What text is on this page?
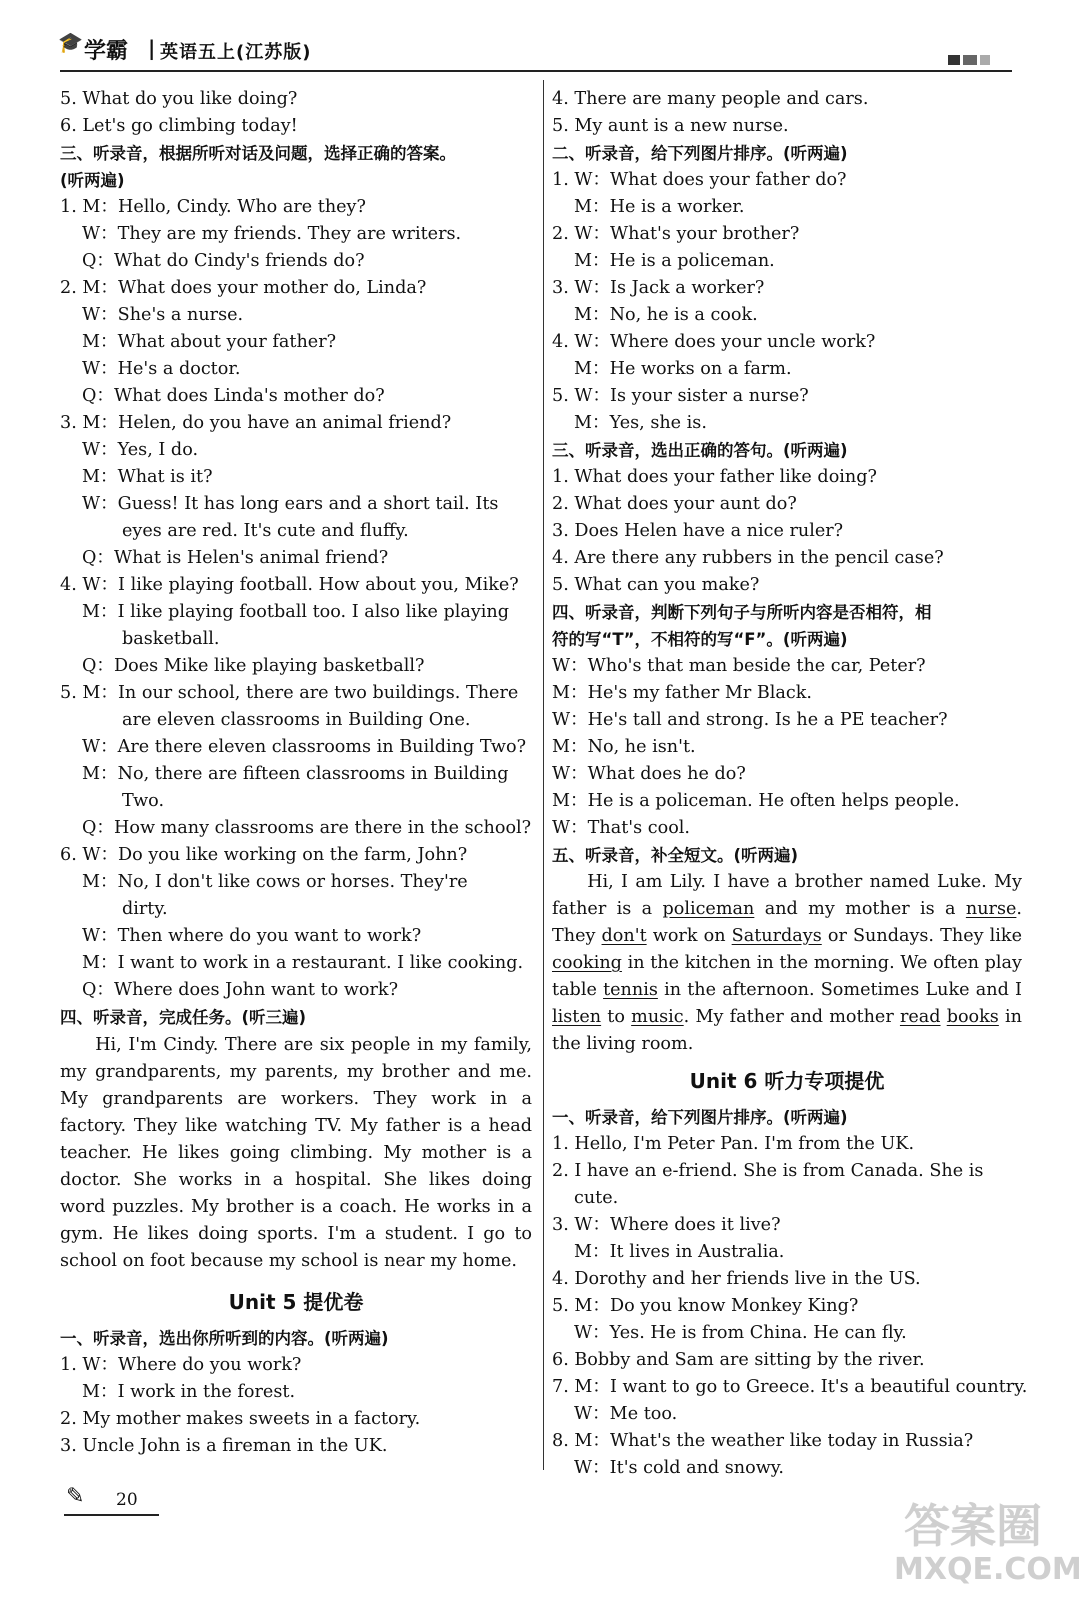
🎓 学霸 | 英语五上(江苏版)
5. What do you like doing?
6. Let's go climbing today!
三、听录音，根据所听对话及问题，选择正确的答案。
(听两遍)
1. M：Hello, Cindy. Who are they?
W：They are my friends. They are writers.
Q：What do Cindy's friends do?
2. M：What does your mother do, Linda?
W：She's a nurse.
M：What about your father?
W：He's a doctor.
Q：What does Linda's mother do?
3. M：Helen, do you have an animal friend?
W：Yes, I do.
M：What is it?
W：Guess! It has long ears and a short tail. Its
eyes are red. It's cute and fluffy.
Q：What is Helen's animal friend?
4. W：I like playing football. How about you, Mike?
M：I like playing football too. I also like playing
basketball.
Q：Does Mike like playing basketball?
5. M：In our school, there are two buildings. There
are eleven classrooms in Building One.
W：Are there eleven classrooms in Building Two?
M：No, there are fifteen classrooms in Building
Two.
Q：How many classrooms are there in the school?
6. W：Do you like working on the farm, John?
M：No, I don't like cows or horses. They're
dirty.
W：Then where do you want to work?
M：I want to work in a restaurant. I like cooking.
Q：Where does John want to work?
四、听录音，完成任务。(听三遍)
Hi, I'm Cindy. There are six people in my family, my grandparents, my parents, my brother and me. My grandparents are workers. They work in a factory. They like watching TV. My father is a head teacher. He likes going climbing. My mother is a doctor. She works in a hospital. She likes doing word puzzles. My brother is a coach. He works in a gym. He likes doing sports. I'm a student. I go to school on foot because my school is near my home.
Unit 5 提优卷
一、听录音，选出你所听到的内容。(听两遍)
1. W：Where do you work?
M：I work in the forest.
2. My mother makes sweets in a factory.
3. Uncle John is a fireman in the UK.
4. There are many people and cars.
5. My aunt is a new nurse.
二、听录音，给下列图片排序。(听两遍)
1. W：What does your father do?
M：He is a worker.
2. W：What's your brother?
M：He is a policeman.
3. W：Is Jack a worker?
M：No, he is a cook.
4. W：Where does your uncle work?
M：He works on a farm.
5. W：Is your sister a nurse?
M：Yes, she is.
三、听录音，选出正确的答句。(听两遍)
1. What does your father like doing?
2. What does your aunt do?
3. Does Helen have a nice ruler?
4. Are there any rubbers in the pencil case?
5. What can you make?
四、听录音，判断下列句子与所听内容是否相符，相
符的写“T”，不相符的写“F”。(听两遍)
W：Who's that man beside the car, Peter?
M：He's my father Mr Black.
W：He's tall and strong. Is he a PE teacher?
M：No, he isn't.
W：What does he do?
M：He is a policeman. He often helps people.
W：That's cool.
五、听录音，补全短文。(听两遍)
Hi, I am Lily. I have a brother named Luke. My father is a policeman and my mother is a nurse. They don't work on Saturdays or Sundays. They like cooking in the kitchen in the morning. We often play table tennis in the afternoon. Sometimes Luke and I listen to music. My father and mother read books in the living room.
Unit 6 听力专项提优
一、听录音，给下列图片排序。(听两遍)
1. Hello, I'm Peter Pan. I'm from the UK.
2. I have an e-friend. She is from Canada. She is
cute.
3. W：Where does it live?
M：It lives in Australia.
4. Dorothy and her friends live in the US.
5. M：Do you know Monkey King?
W：Yes. He is from China. He can fly.
6. Bobby and Sam are sitting by the river.
7. M：I want to go to Greece. It's a beautiful country.
W：Me too.
8. M：What's the weather like today in Russia?
W：It's cold and snowy.
✎ 20	答案圈
MXQE.COM
